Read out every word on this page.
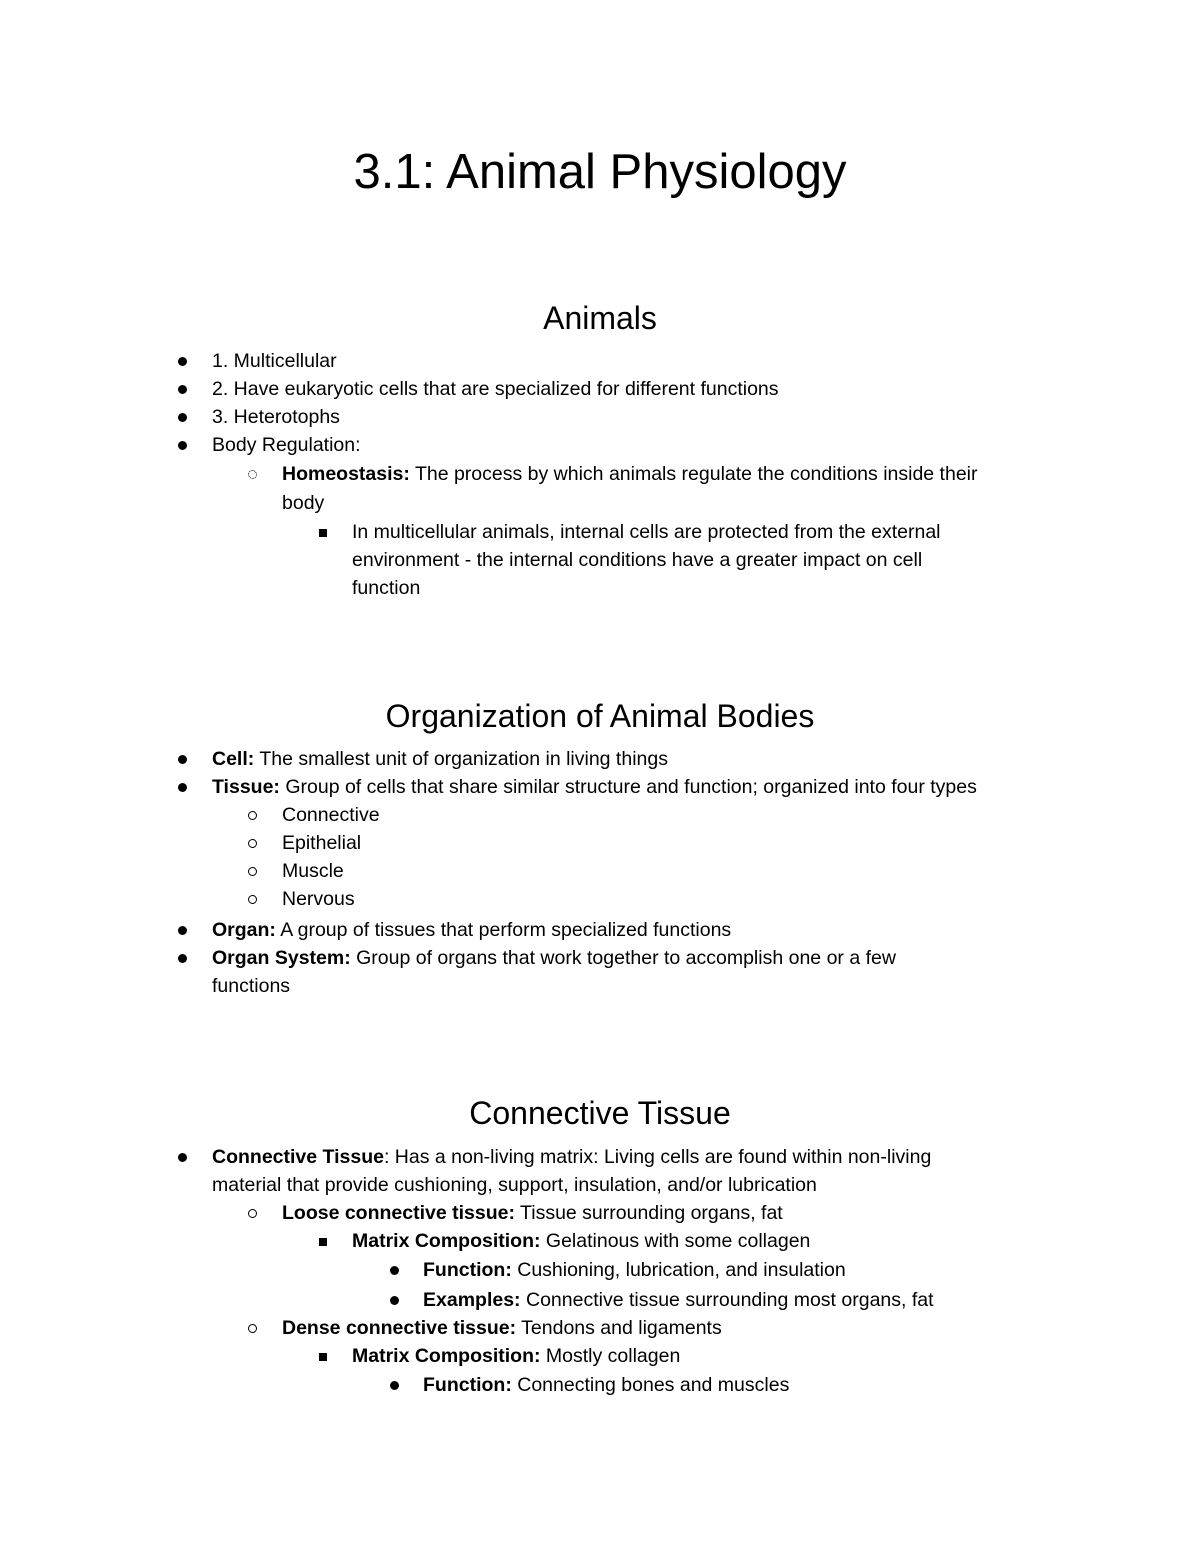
3.1: Animal Physiology
Animals

1. Multicellular

2. Have eukaryotic cells that are specialized for different functions

3. Heterotophs

Body Regulation:

Homeostasis: The process by which animals regulate the conditions inside their

body

In multicellular animals, internal cells are protected from the external

environment - the internal conditions have a greater impact on cell

function

Organization of Animal Bodies

Cell: The smallest unit of organization in living things

Tissue: Group of cells that share similar structure and function; organized into four types

Connective

Epithelial

Muscle

Nervous

Organ: A group of tissues that perform specialized functions

Organ System: Group of organs that work together to accomplish one or a few

functions

Connective Tissue

Connective Tissue: Has a non-living matrix: Living cells are found within non-living

material that provide cushioning, support, insulation, and/or lubrication

Loose connective tissue: Tissue surrounding organs, fat

Matrix Composition: Gelatinous with some collagen

Function: Cushioning, lubrication, and insulation

Examples: Connective tissue surrounding most organs, fat

Dense connective tissue: Tendons and ligaments

Matrix Composition: Mostly collagen

Function: Connecting bones and muscles
